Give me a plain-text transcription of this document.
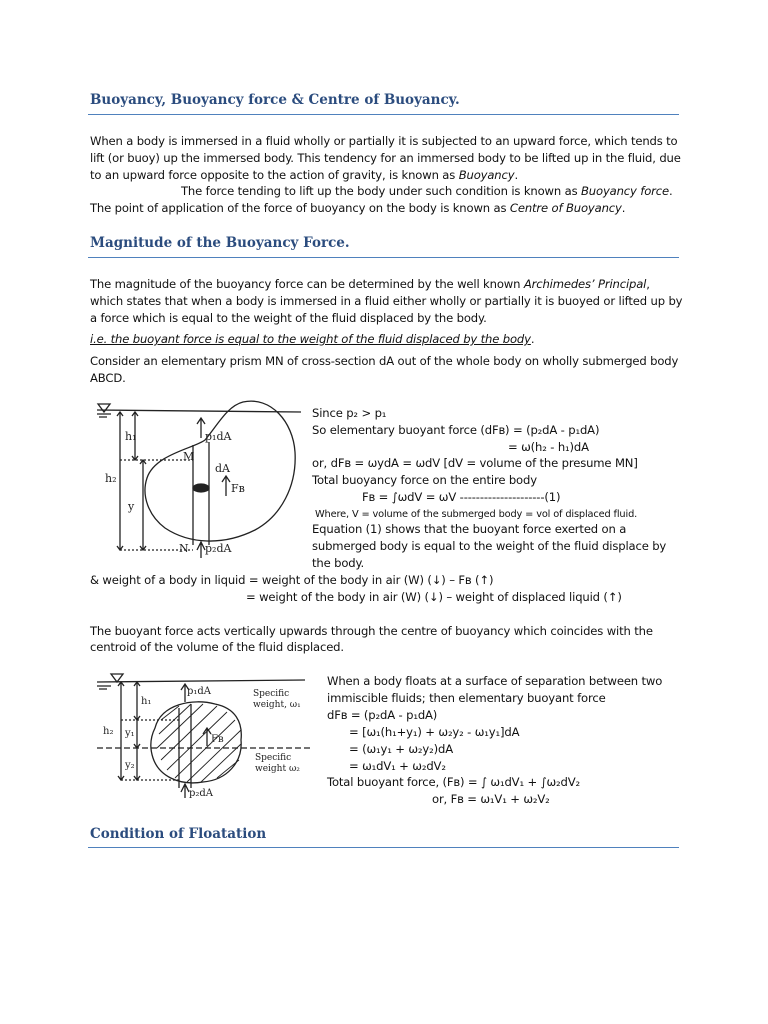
Buoyancy, Buoyancy force & Centre of Buoyancy.
When a body is immersed in a fluid wholly or partially it is subjected to an upward force, which tends to
lift (or buoy) up the immersed body. This tendency for an immersed body to be lifted up in the fluid, due
to an upward force opposite to the action of gravity, is known as Buoyancy.
The force tending to lift up the body under such condition is known as Buoyancy force.
The point of application of the force of buoyancy on the body is known as Centre of Buoyancy.
Magnitude of the Buoyancy Force.
The magnitude of the buoyancy force can be determined by the well known Archimedes’ Principal,
which states that when a body is immersed in a fluid either wholly or partially it is buoyed or lifted up by
a force which is equal to the weight of the fluid displaced by the body.
i.e. the buoyant force is equal to the weight of the fluid displaced by the body.
Consider an elementary prism MN of cross-section dA out of the whole body on wholly submerged body
ABCD.
h₁
h₂
y
M
N
p₁dA
p₂dA
dA
Fʙ
Since p₂ > p₁
So elementary buoyant force (dFʙ) = (p₂dA - p₁dA)
= ω(h₂ - h₁)dA
or, dFʙ = ωydA = ωdV [dV = volume of the presume MN]
Total buoyancy force on the entire body
Fʙ = ∫ωdV = ωV ---------------------(1)
Where, V = volume of the submerged body = vol of displaced fluid.
Equation (1) shows that the buoyant force exerted on a
submerged body is equal to the weight of the fluid displace by
the body.
& weight of a body in liquid = weight of the body in air (W) (↓) – Fʙ (↑)
= weight of the body in air (W) (↓) – weight of displaced liquid (↑)
The buoyant force acts vertically upwards through the centre of buoyancy which coincides with the
centroid of the volume of the fluid displaced.
h₁
h₂ y₁
y₂
p₁dA
p₂dA
Fʙ
Specific
weight, ω₁
Specific
weight ω₂
When a body floats at a surface of separation between two
immiscible fluids; then elementary buoyant force
dFʙ = (p₂dA - p₁dA)
= [ω₁(h₁+y₁) + ω₂y₂ - ω₁y₁]dA
= (ω₁y₁ + ω₂y₂)dA
= ω₁dV₁ + ω₂dV₂
Total buoyant force, (Fʙ) = ∫ ω₁dV₁ + ∫ω₂dV₂
or, Fʙ = ω₁V₁ + ω₂V₂
Condition of Floatation
